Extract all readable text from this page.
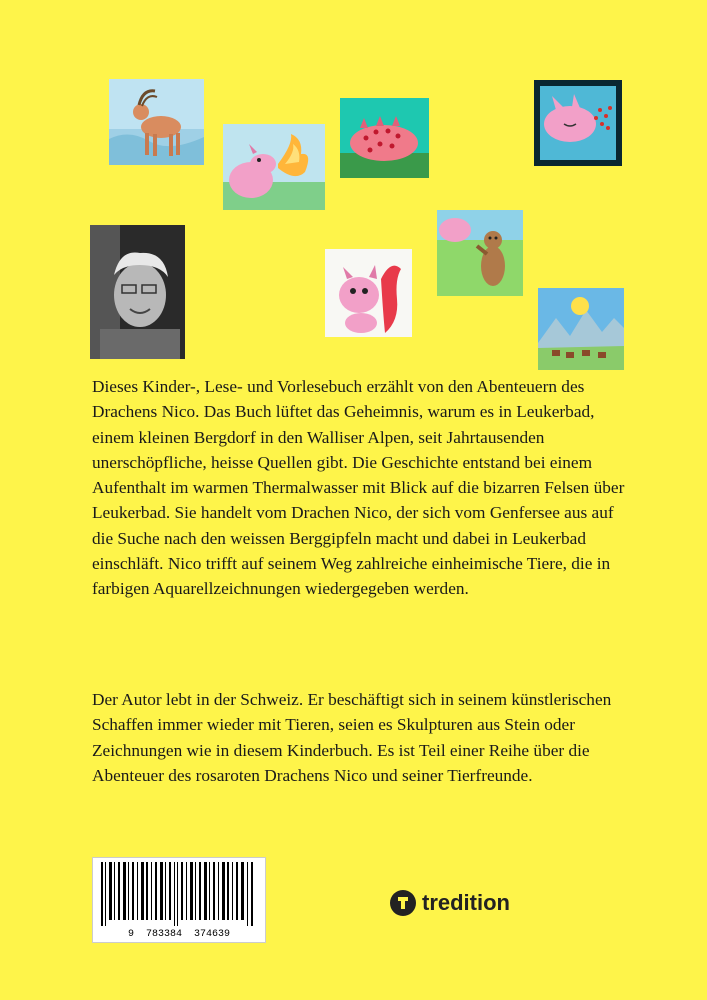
Dieses Kinder-, Lese- und Vorlesebuch erzählt von den Abenteuern des Drachens Nico. Das Buch lüftet das Geheimnis, warum es in Leukerbad, einem kleinen Bergdorf in den Walliser Alpen, seit Jahrtausenden unerschöpfliche, heisse Quellen gibt. Die Geschichte entstand bei einem Aufenthalt im warmen Thermalwasser mit Blick auf die bizarren Felsen über Leukerbad. Sie handelt vom Drachen Nico, der sich vom Genfersee aus auf die Suche nach den weissen Berggipfeln macht und dabei in Leukerbad einschläft. Nico trifft auf seinem Weg zahlreiche einheimische Tiere, die in farbigen Aquarellzeichnungen wiedergegeben werden.
Der Autor lebt in der Schweiz. Er beschäftigt sich in seinem künstlerischen Schaffen immer wieder mit Tieren, seien es Skulpturen aus Stein oder Zeichnungen wie in diesem Kinderbuch. Es ist Teil einer Reihe über die Abenteuer des rosaroten Drachens Nico und seiner Tierfreunde.
9  783384  374639
tredition
